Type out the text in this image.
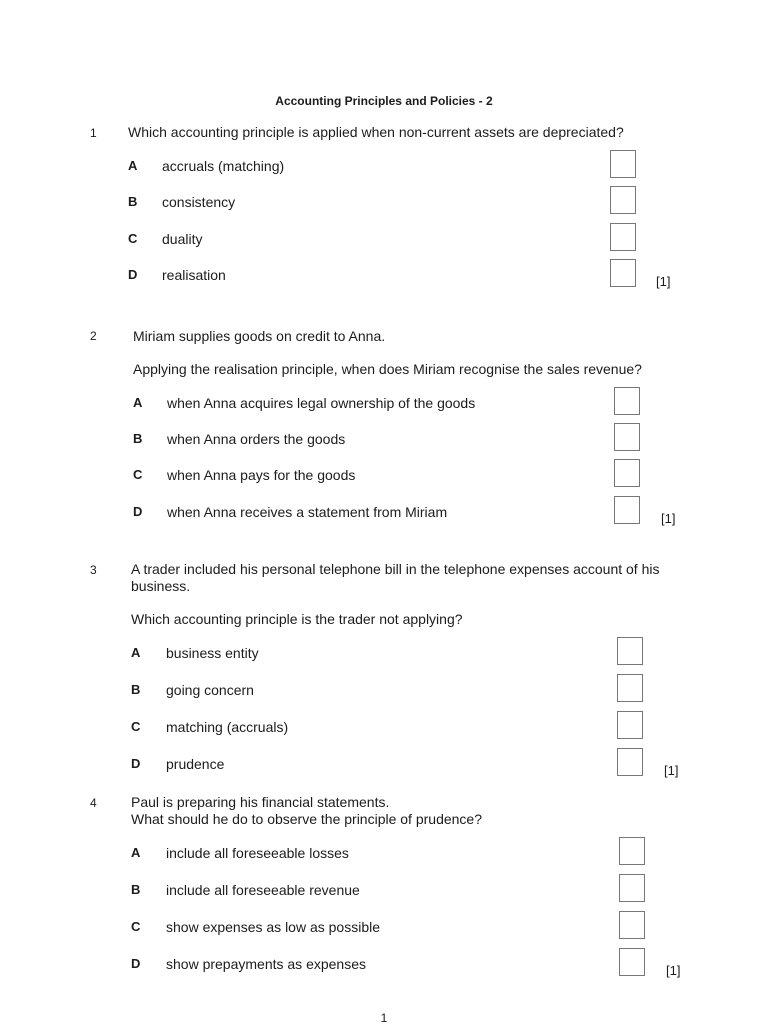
Accounting Principles and Policies - 2
1 Which accounting principle is applied when non-current assets are depreciated?
A accruals (matching)
B consistency
C duality
D realisation	[1]
2	Miriam supplies goods on credit to Anna.
Applying the realisation principle, when does Miriam recognise the sales revenue?
A when Anna acquires legal ownership of the goods
B when Anna orders the goods
C when Anna pays for the goods
D when Anna receives a statement from Miriam	[1]
3 A trader included his personal telephone bill in the telephone expenses account of his
business.
Which accounting principle is the trader not applying?
A business entity
B going concern
C matching (accruals)
D prudence	[1]
4 Paul is preparing his financial statements.
What should he do to observe the principle of prudence?
A include all foreseeable losses
B include all foreseeable revenue
C show expenses as low as possible
D show prepayments as expenses	[1]
1
